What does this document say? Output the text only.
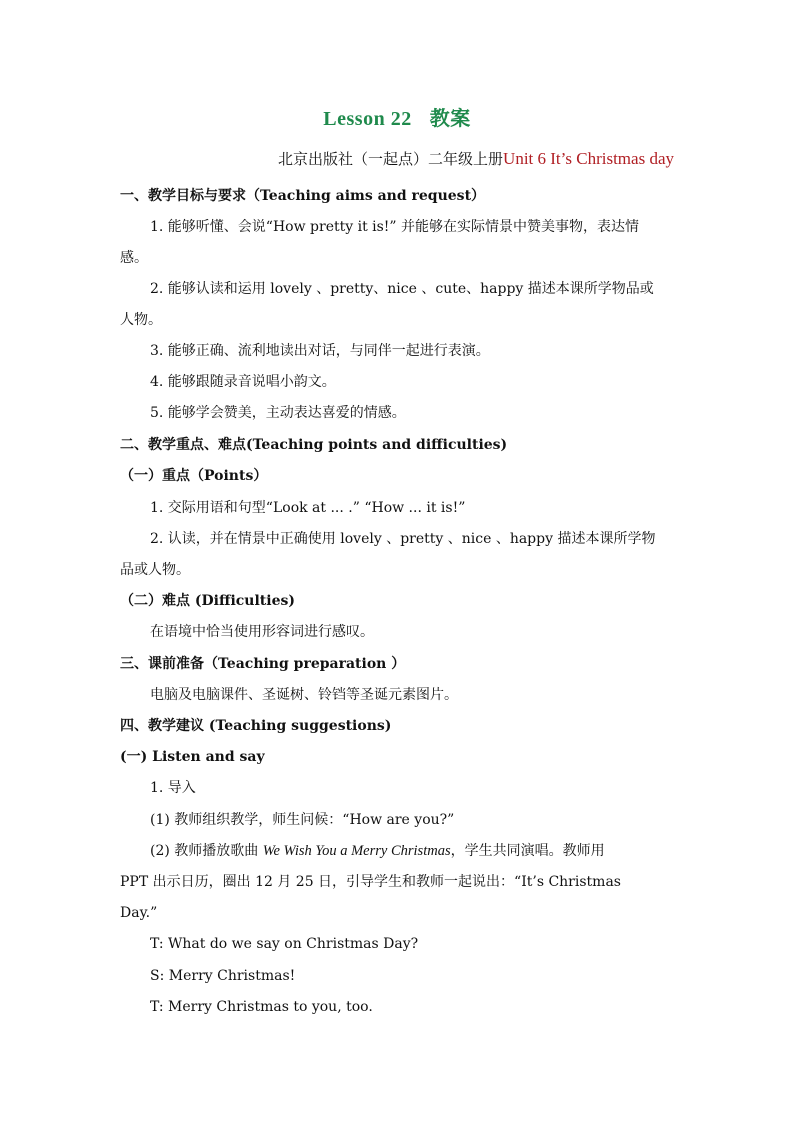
Lesson 22 教案
北京出版社（一起点）二年级上册Unit 6 It’s Christmas day
一、教学目标与要求（Teaching aims and request）
1. 能够听懂、会说“How pretty it is!” 并能够在实际情景中赞美事物，表达情
感。
2. 能够认读和运用 lovely 、pretty、nice 、cute、happy 描述本课所学物品或
人物。
3. 能够正确、流利地读出对话，与同伴一起进行表演。
4. 能够跟随录音说唱小韵文。
5. 能够学会赞美，主动表达喜爱的情感。
二、教学重点、难点(Teaching points and difficulties)
（一）重点（Points）
1. 交际用语和句型“Look at ... .” “How ... it is!”
2. 认读，并在情景中正确使用 lovely 、pretty 、nice 、happy 描述本课所学物
品或人物。
（二）难点 (Difficulties)
在语境中恰当使用形容词进行感叹。
三、课前准备（Teaching preparation ）
电脑及电脑课件、圣诞树、铃铛等圣诞元素图片。
四、教学建议 (Teaching suggestions)
(一) Listen and say
1. 导入
(1) 教师组织教学，师生问候：“How are you?”
(2) 教师播放歌曲 We Wish You a Merry Christmas，学生共同演唱。教师用
PPT 出示日历，圈出 12 月 25 日，引导学生和教师一起说出：“It’s Christmas
Day.”
T: What do we say on Christmas Day?
S: Merry Christmas!
T: Merry Christmas to you, too.
